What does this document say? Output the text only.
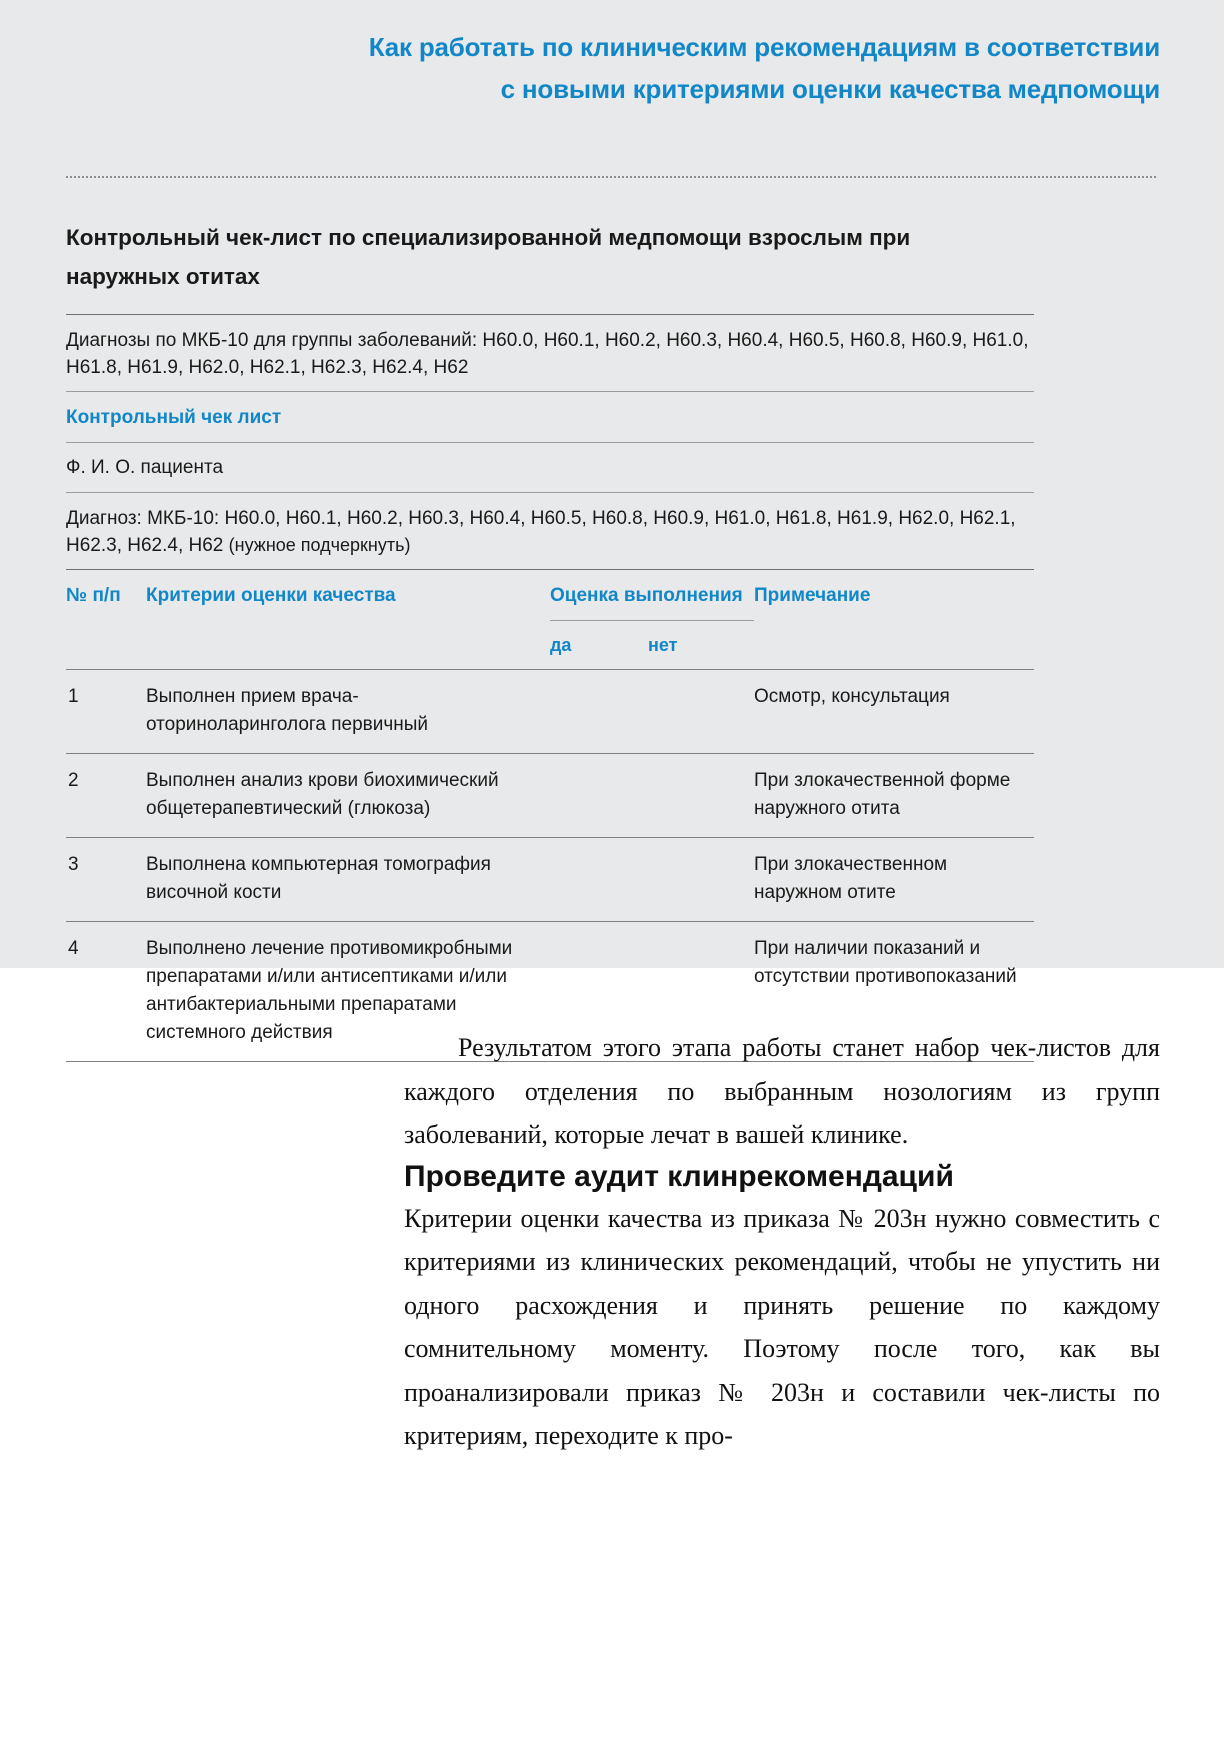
Как работать по клиническим рекомендациям в соответствии
с новыми критериями оценки качества медпомощи
Контрольный чек-лист по специализированной медпомощи взрослым при наружных отитах
Диагнозы по МКБ-10 для группы заболеваний: H60.0, H60.1, H60.2, H60.3, H60.4, H60.5, H60.8, H60.9, H61.0, H61.8, H61.9, H62.0, H62.1, H62.3, H62.4, H62
Контрольный чек лист
Ф. И. О. пациента
Диагноз: МКБ-10: H60.0, H60.1, H60.2, H60.3, H60.4, H60.5, H60.8, H60.9, H61.0, H61.8, H61.9, H62.0, H62.1, H62.3, H62.4, H62 (нужное подчеркнуть)
№ п/п	Критерии оценки качества	Оценка выполнения		Примечание
		да	нет	
1	Выполнен прием врача-оториноларинголога первичный			Осмотр, консультация
2	Выполнен анализ крови биохимический общетерапевтический (глюкоза)			При злокачественной форме наружного отита
3	Выполнена компьютерная томография височной кости			При злокачественном наружном отите
4	Выполнено лечение противомикробными препаратами и/или антисептиками и/или антибактериальными препаратами системного действия			При наличии показаний и отсутствии противопоказаний

Результатом этого этапа работы станет набор чек-листов для каждого отделения по выбранным нозологиям из групп заболеваний, которые лечат в вашей клинике.

Проведите аудит клинрекомендаций

Критерии оценки качества из приказа № 203н нужно совместить с критериями из клинических рекомендаций, чтобы не упустить ни одного расхождения и принять решение по каждому сомнительному моменту. Поэтому после того, как вы проанализировали приказ № 203н и составили чек-листы по критериям, переходите к про-
